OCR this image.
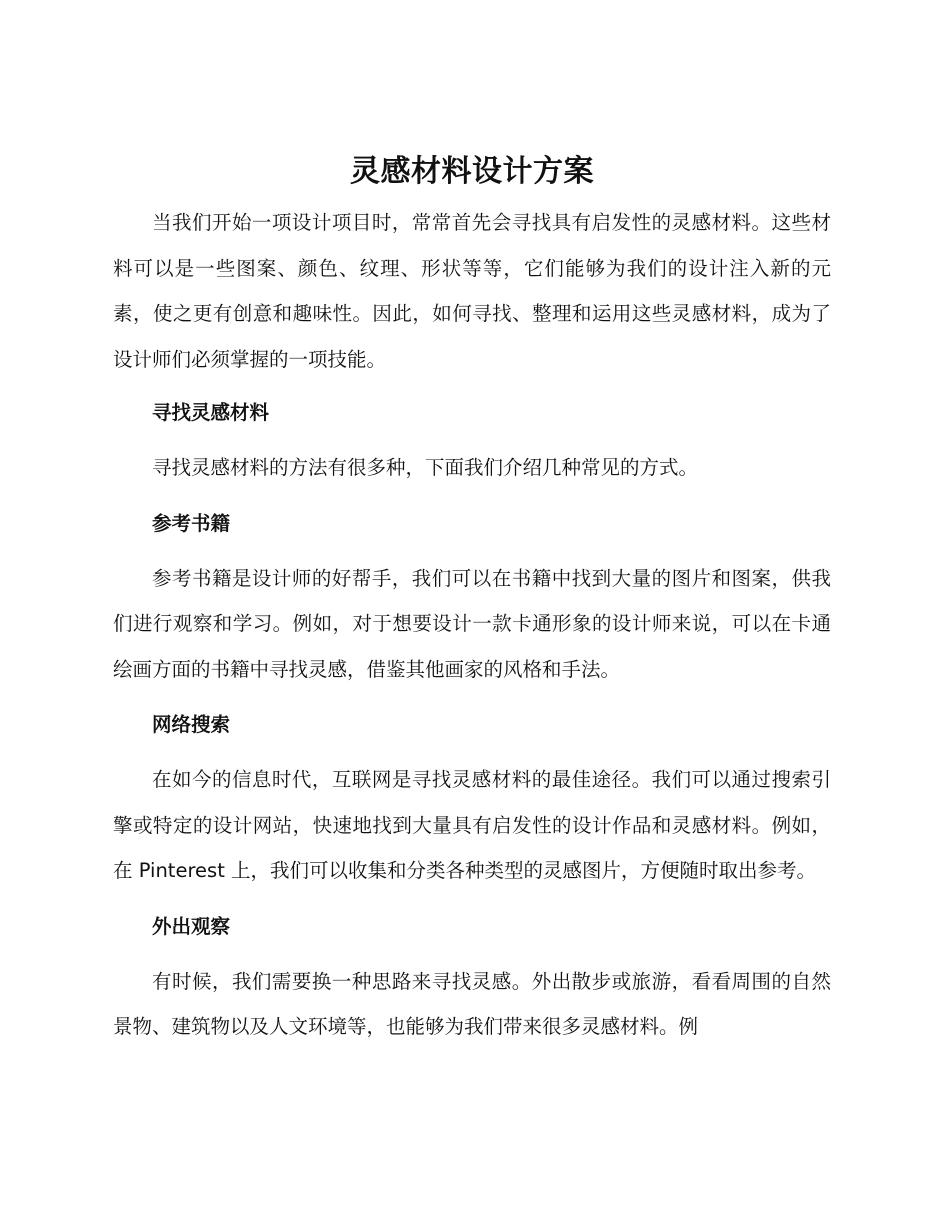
灵感材料设计方案

当我们开始一项设计项目时，常常首先会寻找具有启发性的灵感材料。这些材料可以是一些图案、颜色、纹理、形状等等，它们能够为我们的设计注入新的元素，使之更有创意和趣味性。因此，如何寻找、整理和运用这些灵感材料，成为了设计师们必须掌握的一项技能。

寻找灵感材料

寻找灵感材料的方法有很多种，下面我们介绍几种常见的方式。

参考书籍

参考书籍是设计师的好帮手，我们可以在书籍中找到大量的图片和图案，供我们进行观察和学习。例如，对于想要设计一款卡通形象的设计师来说，可以在卡通绘画方面的书籍中寻找灵感，借鉴其他画家的风格和手法。

网络搜索

在如今的信息时代，互联网是寻找灵感材料的最佳途径。我们可以通过搜索引擎或特定的设计网站，快速地找到大量具有启发性的设计作品和灵感材料。例如，在 Pinterest 上，我们可以收集和分类各种类型的灵感图片，方便随时取出参考。

外出观察

有时候，我们需要换一种思路来寻找灵感。外出散步或旅游，看看周围的自然景物、建筑物以及人文环境等，也能够为我们带来很多灵感材料。例
